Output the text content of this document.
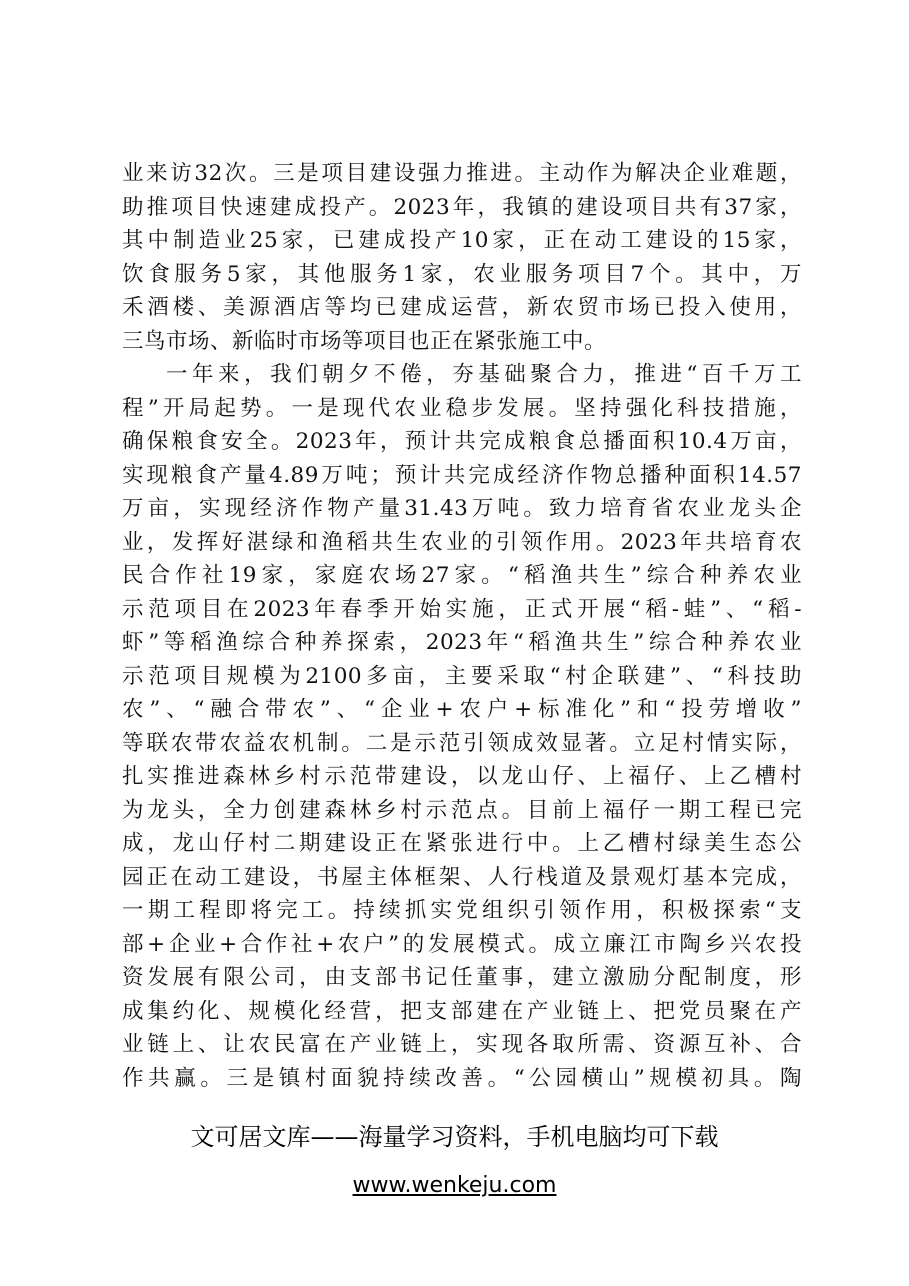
业来访32次。三是项目建设强力推进。主动作为解决企业难题，
助推项目快速建成投产。2023年，我镇的建设项目共有37家，
其中制造业25家，已建成投产10家，正在动工建设的15家，
饮食服务5家，其他服务1家，农业服务项目7个。其中，万
禾酒楼、美源酒店等均已建成运营，新农贸市场已投入使用，
三鸟市场、新临时市场等项目也正在紧张施工中。
一年来，我们朝夕不倦，夯基础聚合力，推进“百千万工
程”开局起势。一是现代农业稳步发展。坚持强化科技措施，
确保粮食安全。2023年，预计共完成粮食总播面积10.4万亩，
实现粮食产量4.89万吨；预计共完成经济作物总播种面积14.57
万亩，实现经济作物产量31.43万吨。致力培育省农业龙头企
业，发挥好湛绿和渔稻共生农业的引领作用。2023年共培育农
民合作社19家，家庭农场27家。“稻渔共生”综合种养农业
示范项目在2023年春季开始实施，正式开展“稻-蛙”、“稻-
虾”等稻渔综合种养探索，2023年“稻渔共生”综合种养农业
示范项目规模为2100多亩，主要采取“村企联建”、“科技助
农”、“融合带农”、“企业+农户+标准化”和“投劳增收”
等联农带农益农机制。二是示范引领成效显著。立足村情实际，
扎实推进森林乡村示范带建设，以龙山仔、上福仔、上乙槽村
为龙头，全力创建森林乡村示范点。目前上福仔一期工程已完
成，龙山仔村二期建设正在紧张进行中。上乙槽村绿美生态公
园正在动工建设，书屋主体框架、人行栈道及景观灯基本完成，
一期工程即将完工。持续抓实党组织引领作用，积极探索“支
部+企业+合作社+农户”的发展模式。成立廉江市陶乡兴农投
资发展有限公司，由支部书记任董事，建立激励分配制度，形
成集约化、规模化经营，把支部建在产业链上、把党员聚在产
业链上、让农民富在产业链上，实现各取所需、资源互补、合
作共赢。三是镇村面貌持续改善。“公园横山”规模初具。陶
文可居文库——海量学习资料，手机电脑均可下载
www.wenkeju.com
